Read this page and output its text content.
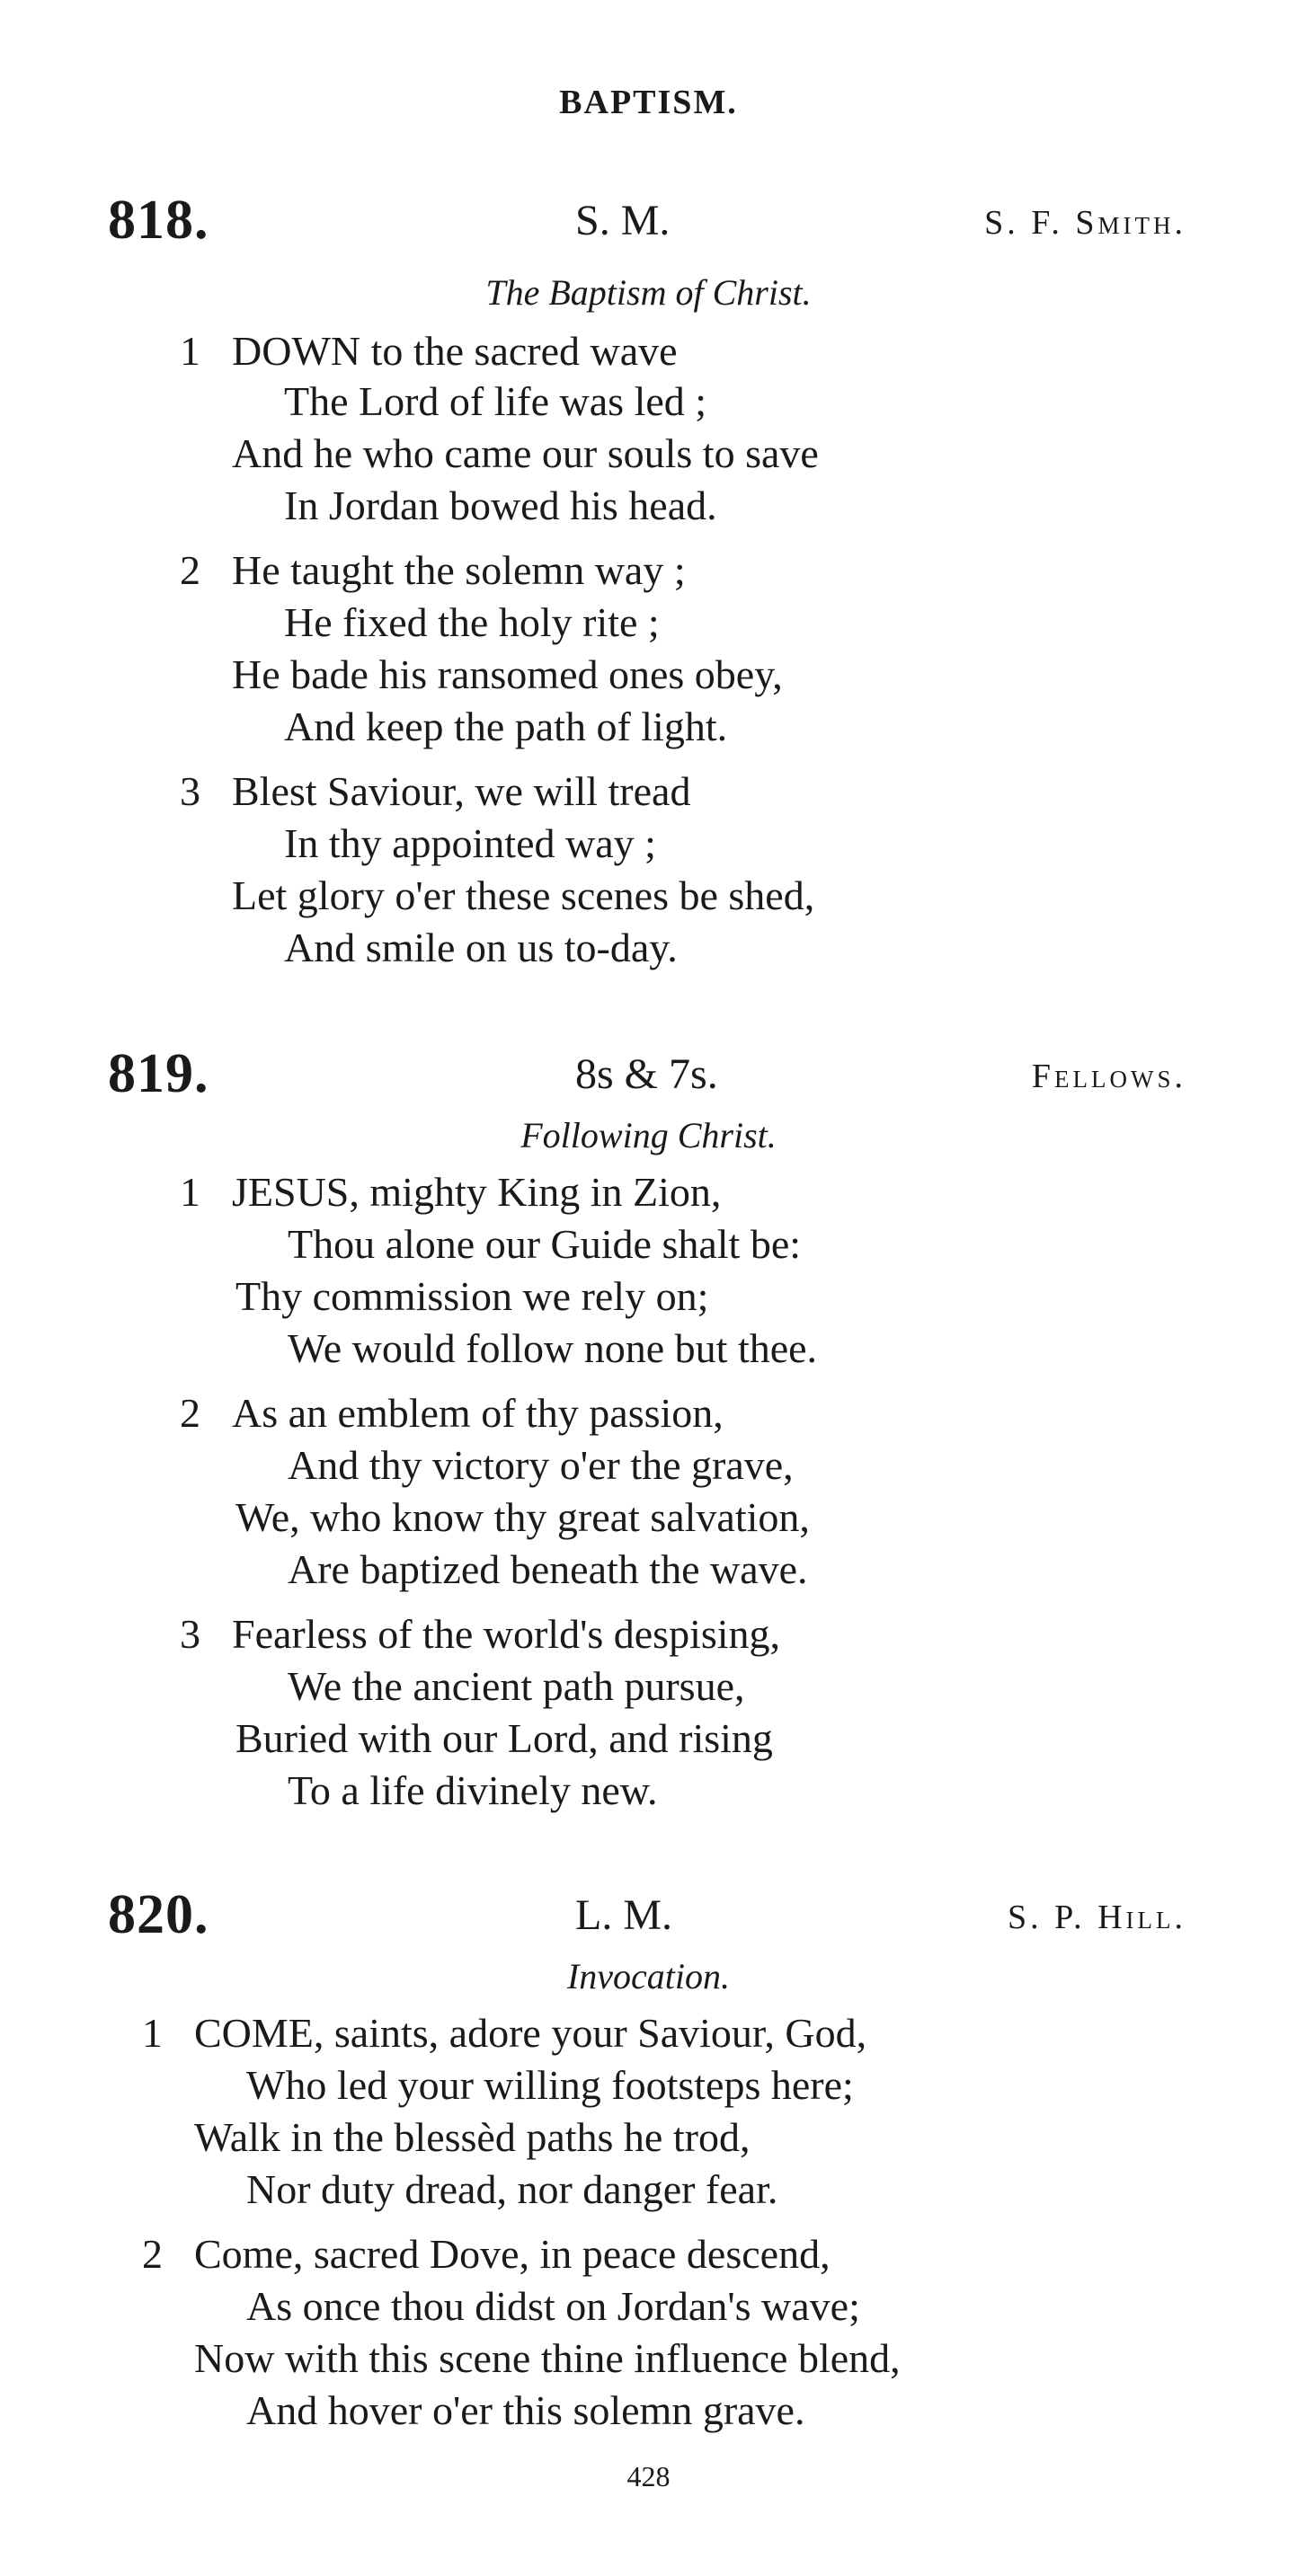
BAPTISM.
818.	S. M.	S. F. Smith.
The Baptism of Christ.
1 DOWN to the sacred wave
The Lord of life was led ;
And he who came our souls to save
In Jordan bowed his head.
2 He taught the solemn way ;
He fixed the holy rite ;
He bade his ransomed ones obey,
And keep the path of light.
3 Blest Saviour, we will tread
In thy appointed way ;
Let glory o'er these scenes be shed,
And smile on us to-day.
819.	8s & 7s.	Fellows.
Following Christ.
1 JESUS, mighty King in Zion,
Thou alone our Guide shalt be:
Thy commission we rely on;
We would follow none but thee.
2 As an emblem of thy passion,
And thy victory o'er the grave,
We, who know thy great salvation,
Are baptized beneath the wave.
3 Fearless of the world's despising,
We the ancient path pursue,
Buried with our Lord, and rising
To a life divinely new.
820.	L. M.	S. P. Hill.
Invocation.
1 COME, saints, adore your Saviour, God,
Who led your willing footsteps here;
Walk in the blessèd paths he trod,
Nor duty dread, nor danger fear.
2 Come, sacred Dove, in peace descend,
As once thou didst on Jordan's wave;
Now with this scene thine influence blend,
And hover o'er this solemn grave.
428
